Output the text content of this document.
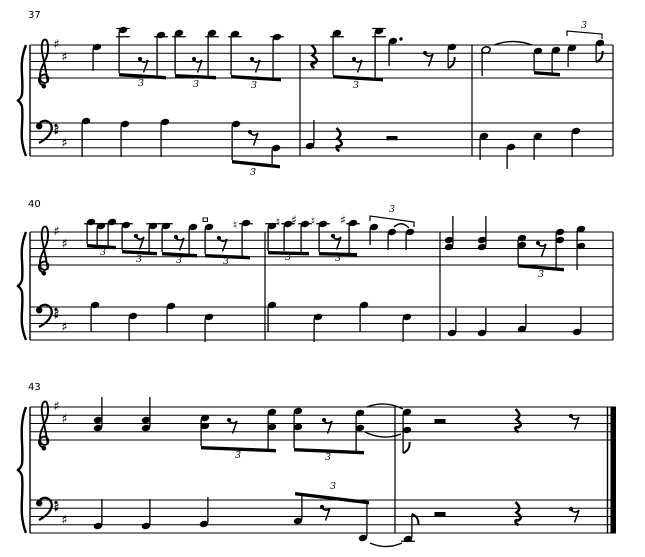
♯
♯
♯
♯
37
3	3	3	3
3
3
♯
♯
♯
♯
40
3
3	3
♮
3
♮ ♯
3
♮ ♯
3
3
3
♯
♯
♯
♯
43
3	3
3
